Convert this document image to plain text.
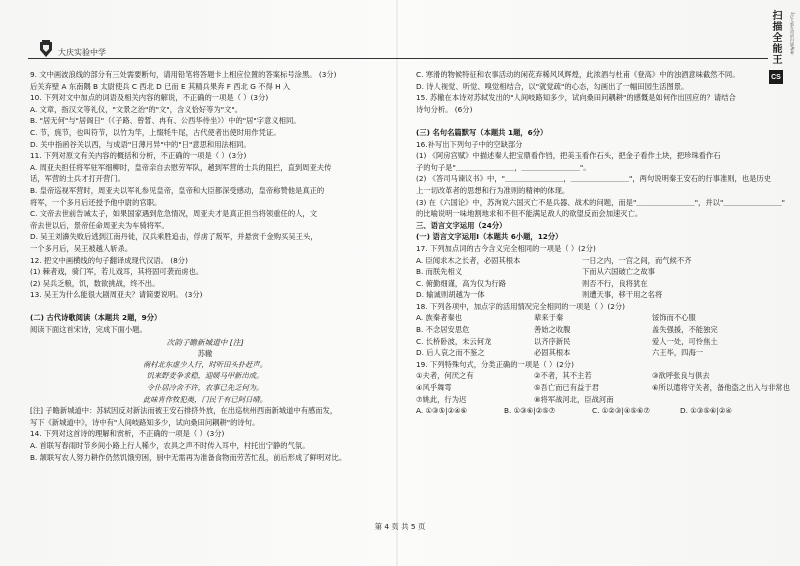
大庆实验中学	扫描全能王	3亿人都在用的扫描App
CS
9. 文中画波浪线的部分有三处需要断句，请用铅笔将答题卡上相应位置的答案标号涂黑。 (3分)
后关弃壁 A 东南隅 B 太尉使兵 C 西北 D 已而 E 其精兵果奔 F 西北 G 不得 H 入
10. 下列对文中加点的词语及相关内容的解说，不正确的一项是（ ）(3分)
A. 文章，指汉文等礼仪，"文景之治"的"文"，含义恰好等为"文"。
B. "居无何"与"居阁日"（《子路、曾皙、冉有、公西华侍坐》）中的"居"字意义相同。
C. 节，旄节，也叫符节，以竹为竿，上缀牦牛尾，古代使者出使时用作凭证。
D. 关中指函谷关以西，与成语"日薄月异"中的"日"意思和用法相同。
11. 下列对原文有关内容的概括和分析，不正确的一项是（ ）(3分)
A. 周亚夫担任将军驻军细柳时，皇帝亲自去慰劳军队，趟到军营的士兵的阻拦，直到周亚夫传
话，军营的士兵才打开营门。
B. 皇帝巡视军营时，周亚夫以军礼参见皇帝，皇帝和大臣都深受感动，皇帝称赞他是真正的
将军，一个多月后还授予他中尉的官职。
C. 文帝去世前告诫太子，如果国家遇到危急情况，周亚夫才是真正担当将领重任的人，文
帝去世以后，景帝任命周亚夫为车骑将军。
D. 吴王刘濞失败后逃到江南丹徒，汉兵乘胜追击，俘虏了叛军，并悬赏千金购买吴王头，
一个多月后，吴王被越人斩杀。
12. 把文中画横线的句子翻译成现代汉语。 (8分)
(1) 棘者戏，骑门军，若儿戏耳，其将固可袭而虏也。
(2) 吴兵乏粮，饥，数欲挑战，终不出。
13. 吴王为什么能很大剧周亚夫？请简要说明。 (3分)
(二) 古代诗歌阅读（本题共 2题，9分）
阅读下面这首宋诗，完成下面小题。
次韵子瞻新城道中 [注]
苏辙
南村北东虚少人行，时听田头扑赶声。
饥来野麦争求稳，迎暖马甲新出成。
令仆居冷舍不许，农事已先乏何为。
此味肯作牧犯奥，门民千有已阿日晴。
[注] 子瞻新城道中：苏轼因反对新法而被王安石排挤外放，在出巡杭州西南新城道中有感而发，
写下《新城道中》，诗中有"人间岐路知多少，试向桑田问耦耕"的诗句。
14. 下列对这首诗的理解和赏析，不正确的一项是（ ）(3分)
A. 首联写春雨时节乡间小路上行人稀少，农具之声不时传入耳中，村托出宁静的气氛。
B. 颔联写农人努力耕作仍然饥饿穷困，厨中无需再为准备食物而劳苦忙乱，前后形成了鲜明对比。
C. 寒滑的物候特征和农事活动的闲花弃稀风风辉煌，此浓酒与杜甫《登高》中的浊酒意味截然不同。
D. 诗人视觉、听觉、嗅觉相结合，以"就觉疏"的心态，勾画出了一幅田园生活图景。
15. 苏辙在本诗对苏轼发出的"人间岐路知多少，试向桑田问耦耕"的感慨是如何作出回应的？请结合
诗句分析。 (6分)
(三) 名句名篇默写（本题共 1题，6分）
16.补写出下列句子中的空缺部分
(1) 《阿房宫赋》中描述秦人把宝鼎看作铛，把美玉看作石头，把金子看作土块，把珍珠看作石
子的句子是"＿＿＿＿＿＿＿＿，＿＿＿＿＿＿＿＿"。
(2) 《答司马谏议书》中，"＿＿＿＿＿＿＿＿，＿＿＿＿＿＿＿＿"，两句说明秦王安石的行事准则，也是历史
上一切改革者的思想和行为准则的精神的体现。
(3) 在《六国论》中，苏洵说六国灭亡不是兵器、战术的问题，而是"＿＿＿＿＿＿＿＿"，并以"＿＿＿＿＿＿＿＿"
的比喻说明一味地割地求和不但不能满足敌人的欲望反而会加速灭亡。
三、语言文字运用（24分）
(一) 语言文字运用Ⅰ（本题共 6小题，12分）
17. 下列加点词的古今含义完全相同的一项是（ ）(2分)
A. 臣闻求木之长者，必固其根本	一日之内，一宫之间，而气候不齐
B. 而朕先相义	下而从六国破亡之故事
C. 俯勤细谨，高为仅为行路	则否不行，良将犹在
D. 输诚则胡越为一体	则遭天事，移干用之名将
18. 下列各项中，加点字的活用情况完全相同的一项是（ ）(2分)
A. 族秦者秦也	辈来于秦	馁饰而不心服
B. 不念居安思危	善始之收腹	盖失强援，不能独完
C. 长桥卧波，未云何龙	以齐序新民	爱人一处，可怜焦土
D. 后人哀之而不鉴之	必固其根本	六王毕，四海一
19. 下列特殊句式，分类正确的一项是（ ）(2分)
①夫者，何厌之有	②不者，其不主若	③欲呼张良与俱去
④风乎舞雩	⑤吾亡而已有益于君	⑥所以遣将守关者，备他盗之出入与非常也
⑦姚此，行为迟	⑧将军战河北，臣战河南
A. ①③⑤|②④⑥	B. ①③⑥|②⑤⑦	C. ①②③|④⑤⑥⑦	D. ①③⑤⑥|②④
第 4 页 共 5 页
